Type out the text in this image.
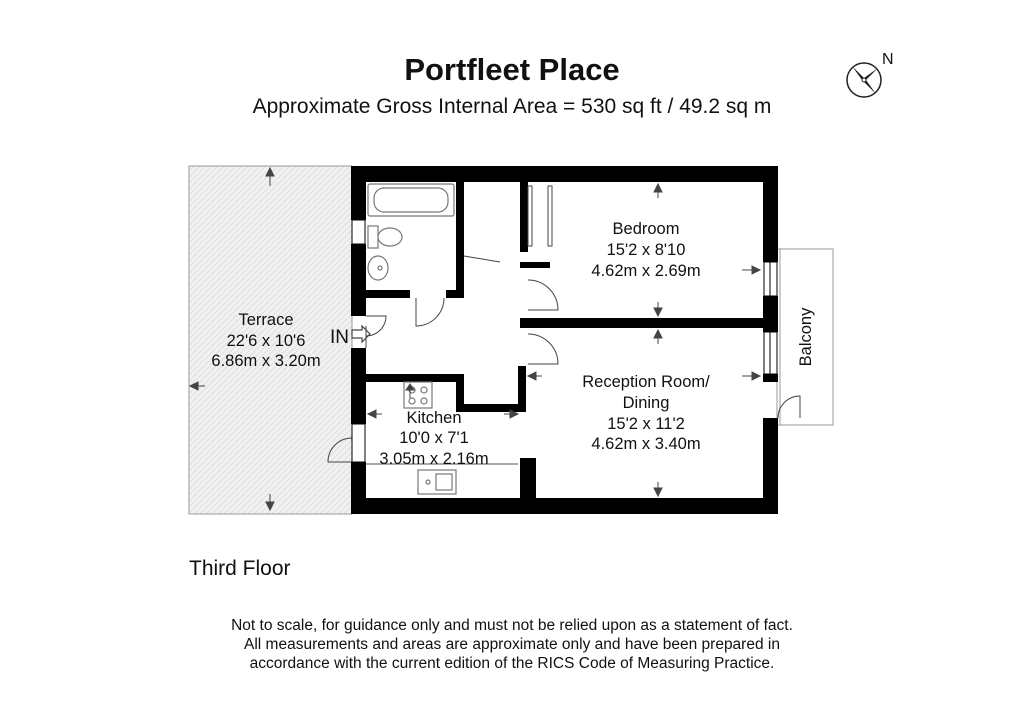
Portfleet Place
Approximate Gross Internal Area = 530 sq ft / 49.2 sq m
N
Terrace
22'6 x 10'6
6.86m x 3.20m
IN
Bedroom
15'2 x 8'10
4.62m x 2.69m
Reception Room/
Dining
15'2 x 11'2
4.62m x 3.40m
Kitchen
10'0 x 7'1
3.05m x 2.16m
Balcony
Third Floor
Not to scale, for guidance only and must not be relied upon as a statement of fact.
All measurements and areas are approximate only and have been prepared in
accordance with the current edition of the RICS Code of Measuring Practice.
